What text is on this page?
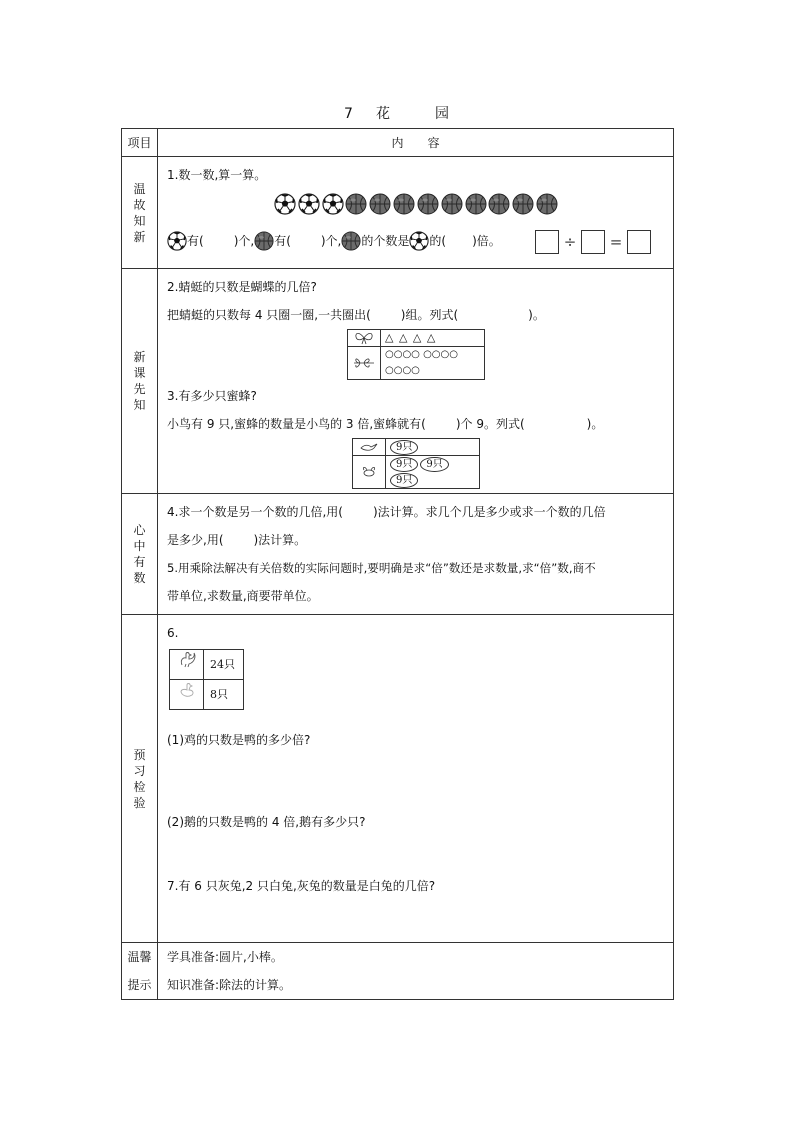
7 花	园
项目	内　　容
温故知新	
1.数一数,算一算。

有(	)个, 有(	)个, 的个数是 的( )倍。	÷ =

新课先知	
2.蜻蜓的只数是蝴蝶的几倍?
把蜻蜓的只数每 4 只圈一圈,一共圈出(	)组。列式(	)。
	△ △ △ △
	○○○○ ○○○○ ○○○○
3.有多少只蜜蜂?
小鸟有 9 只,蜜蜂的数量是小鸟的 3 倍,蜜蜂就有(	)个 9。列式(	)。
	9只
	9只 9只9只

心中有数	
4.求一个数是另一个数的几倍,用(	)法计算。求几个几是多少或求一个数的几倍
是多少,用(	)法计算。
5.用乘除法解决有关倍数的实际问题时,要明确是求“倍”数还是求数量,求“倍”数,商不
带单位,求数量,商要带单位。

预习检验	
6.
	24只
	8只
(1)鸡的只数是鸭的多少倍?
(2)鹅的只数是鸭的 4 倍,鹅有多少只?
7.有 6 只灰兔,2 只白兔,灰兔的数量是白兔的几倍?

温馨
提示

学具准备:圆片,小棒。
知识准备:除法的计算。
